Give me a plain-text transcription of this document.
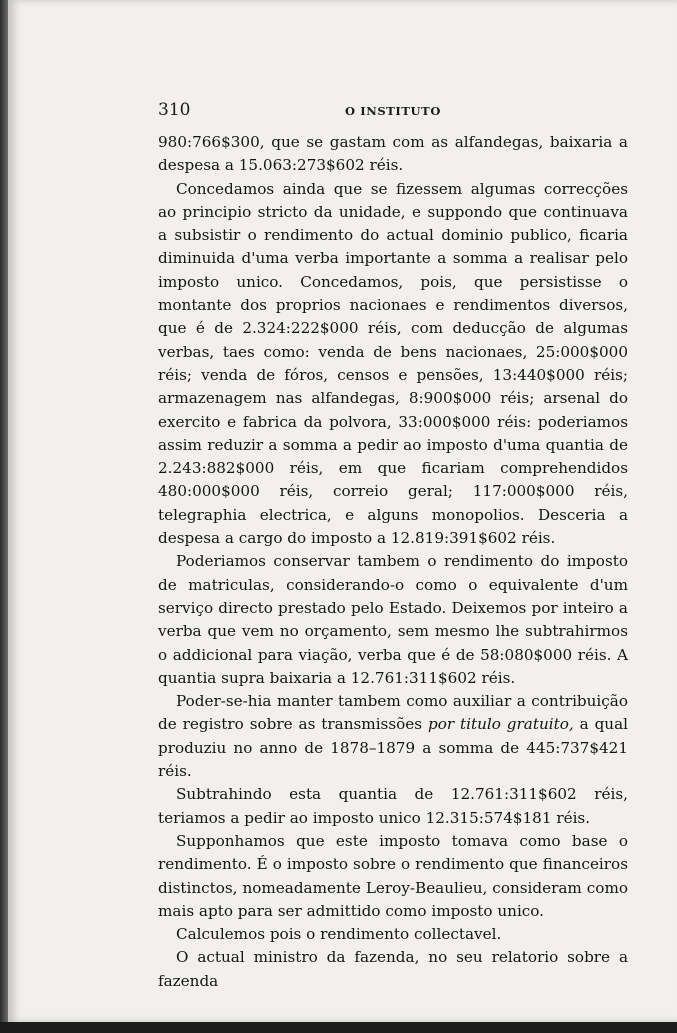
310	O INSTITUTO

980:766$300, que se gastam com as alfandegas, baixaria a despesa a 15.063:273$602 réis.

Concedamos ainda que se fizessem algumas correcções ao principio stricto da unidade, e suppondo que continuava a subsistir o rendimento do actual dominio publico, ficaria diminuida d'uma verba importante a somma a realisar pelo imposto unico. Concedamos, pois, que persistisse o montante dos proprios nacionaes e rendimentos diversos, que é de 2.324:222$000 réis, com deducção de algumas verbas, taes como: venda de bens nacionaes, 25:000$000 réis; venda de fóros, censos e pensões, 13:440$000 réis; armazenagem nas alfandegas, 8:900$000 réis; arsenal do exercito e fabrica da polvora, 33:000$000 réis: poderiamos assim reduzir a somma a pedir ao imposto d'uma quantia de 2.243:882$000 réis, em que ficariam comprehendidos 480:000$000 réis, correio geral; 117:000$000 réis, telegraphia electrica, e alguns monopolios. Desceria a despesa a cargo do imposto a 12.819:391$602 réis.

Poderiamos conservar tambem o rendimento do imposto de matriculas, considerando-o como o equivalente d'um serviço directo prestado pelo Estado. Deixemos por inteiro a verba que vem no orçamento, sem mesmo lhe subtrahirmos o addicional para viação, verba que é de 58:080$000 réis. A quantia supra baixaria a 12.761:311$602 réis.

Poder-se-hia manter tambem como auxiliar a contribuição de registro sobre as transmissões por titulo gratuito, a qual produziu no anno de 1878–1879 a somma de 445:737$421 réis.

Subtrahindo esta quantia de 12.761:311$602 réis, teriamos a pedir ao imposto unico 12.315:574$181 réis.

Supponhamos que este imposto tomava como base o rendimento. É o imposto sobre o rendimento que financeiros distinctos, nomeadamente Leroy-Beaulieu, consideram como mais apto para ser admittido como imposto unico.

Calculemos pois o rendimento collectavel.

O actual ministro da fazenda, no seu relatorio sobre a fazenda
